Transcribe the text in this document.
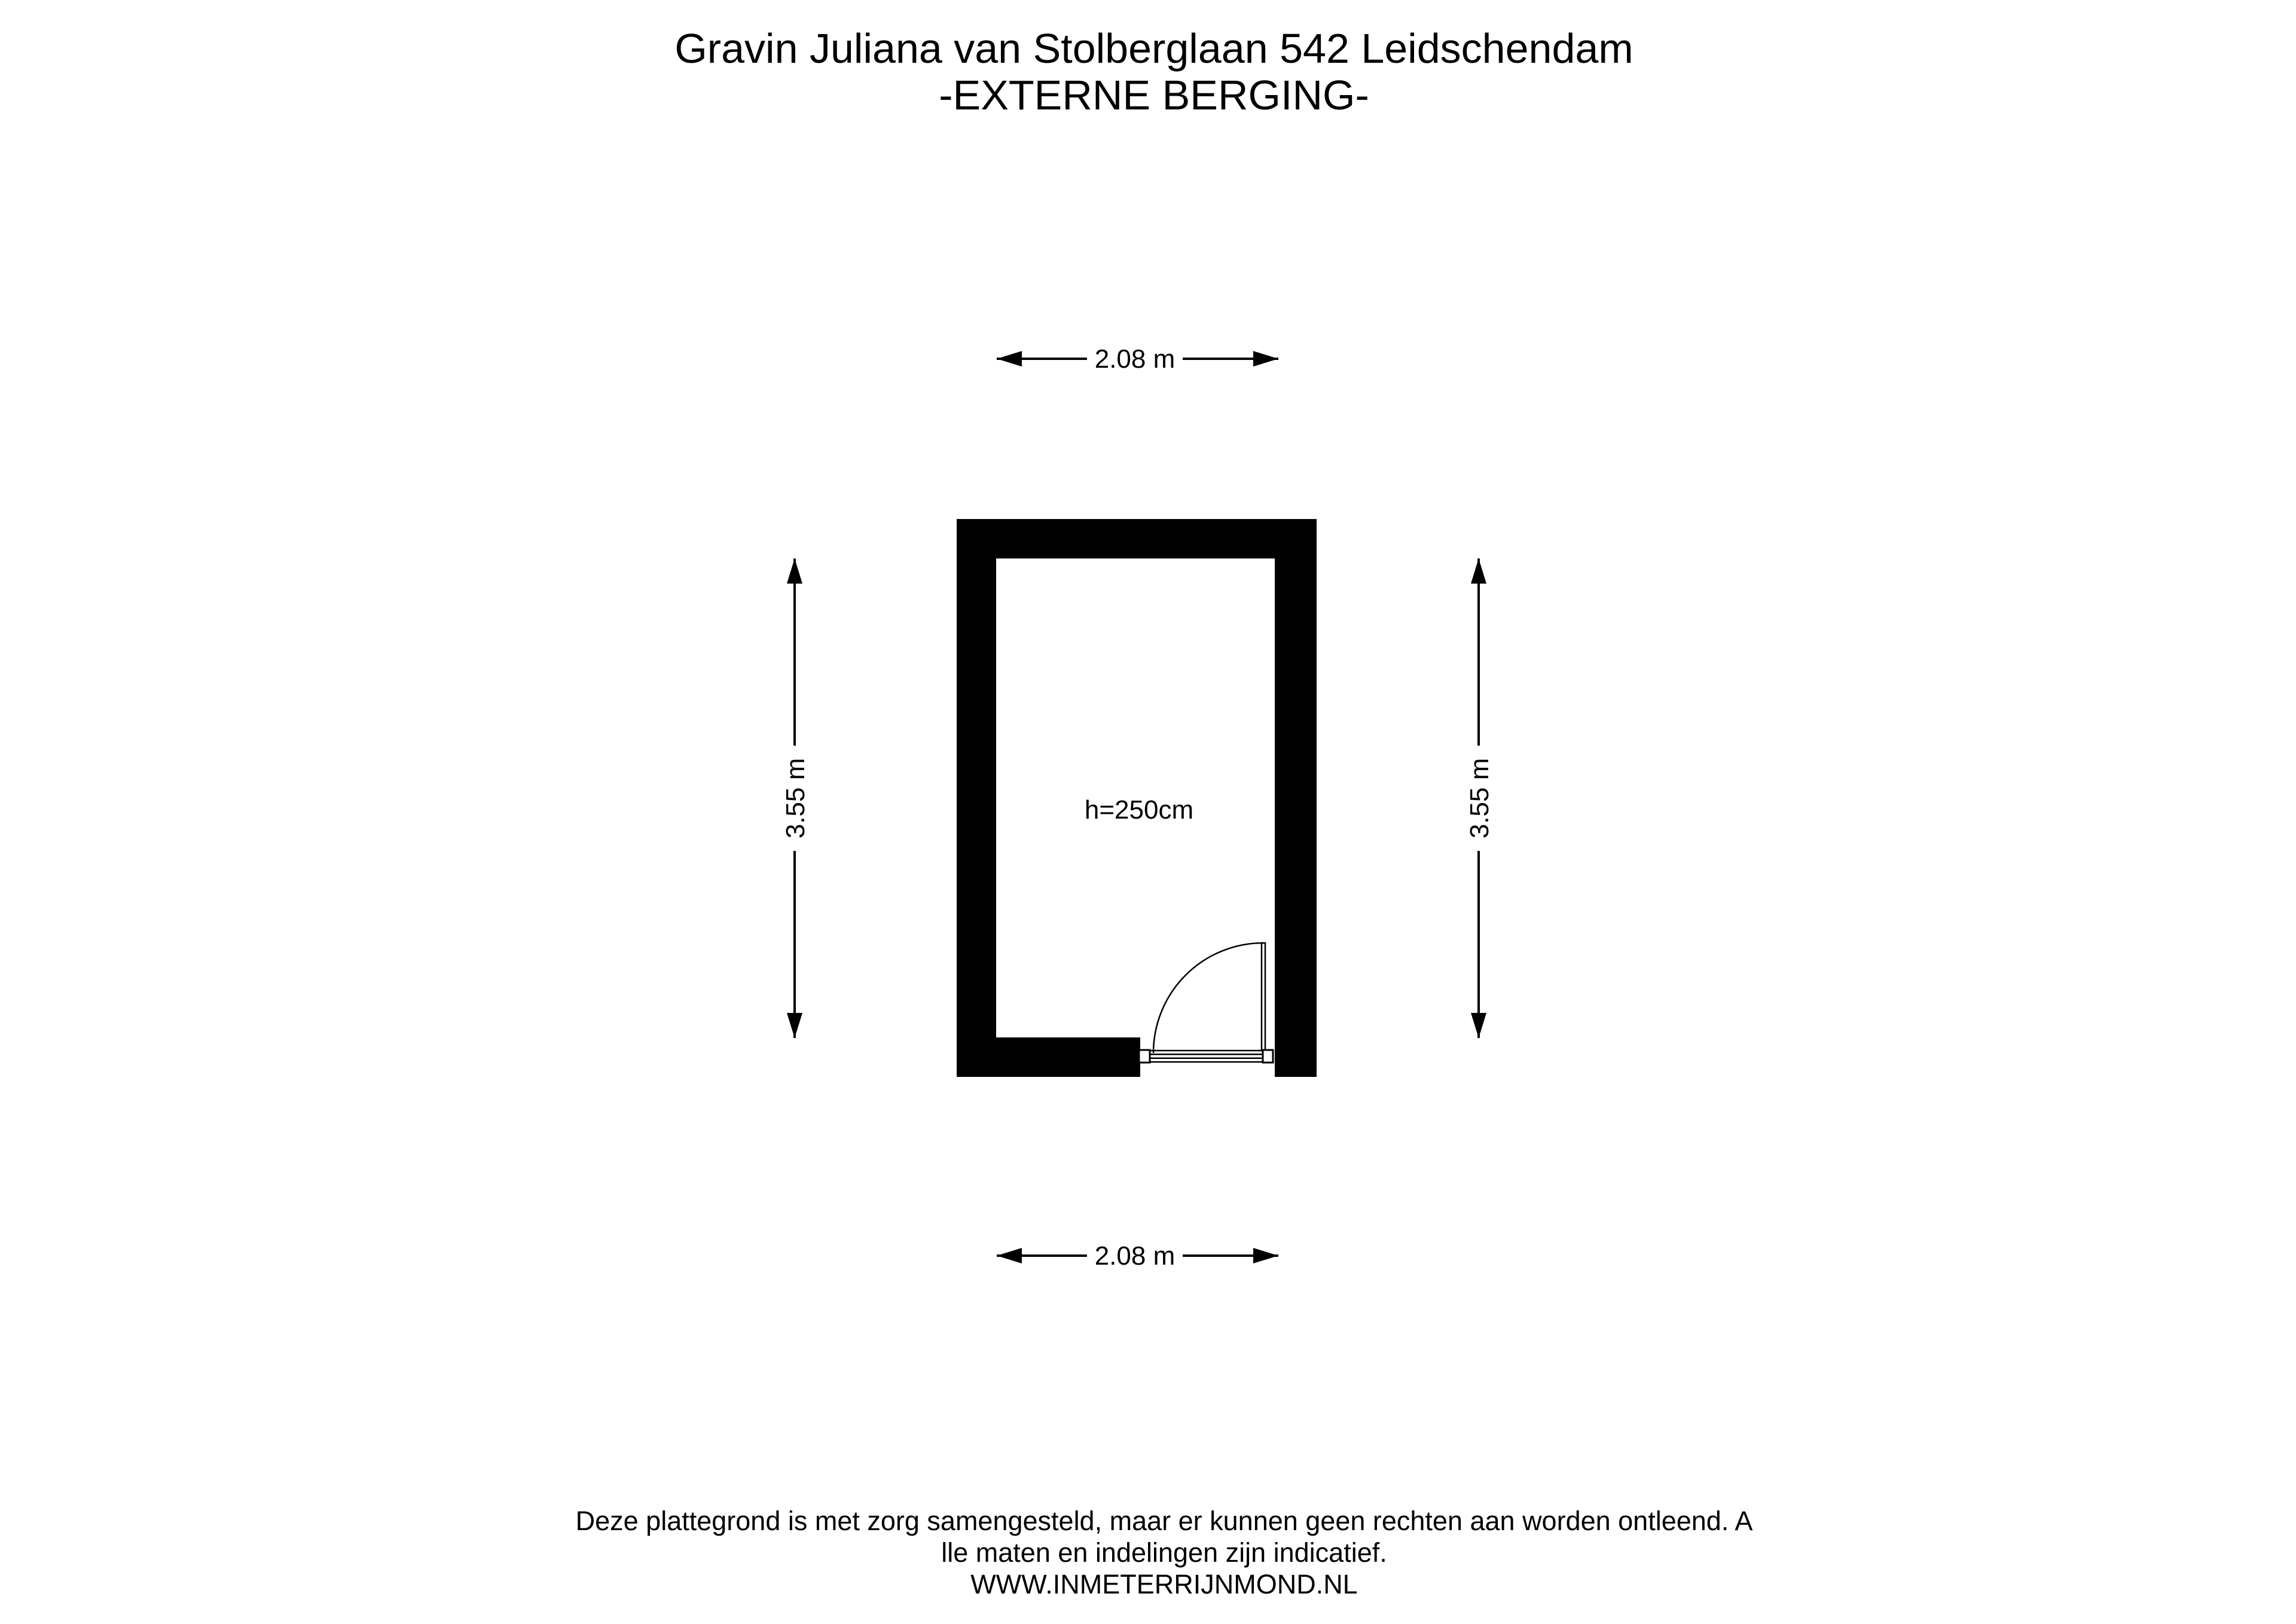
Gravin Juliana van Stolberglaan 542 Leidschendam
-EXTERNE BERGING-
h=250cm
2.08 m
2.08 m
3.55 m	3.55 m
Deze plattegrond is met zorg samengesteld, maar er kunnen geen rechten aan worden ontleend. A
lle maten en indelingen zijn indicatief.
WWW.INMETERRIJNMOND.NL
